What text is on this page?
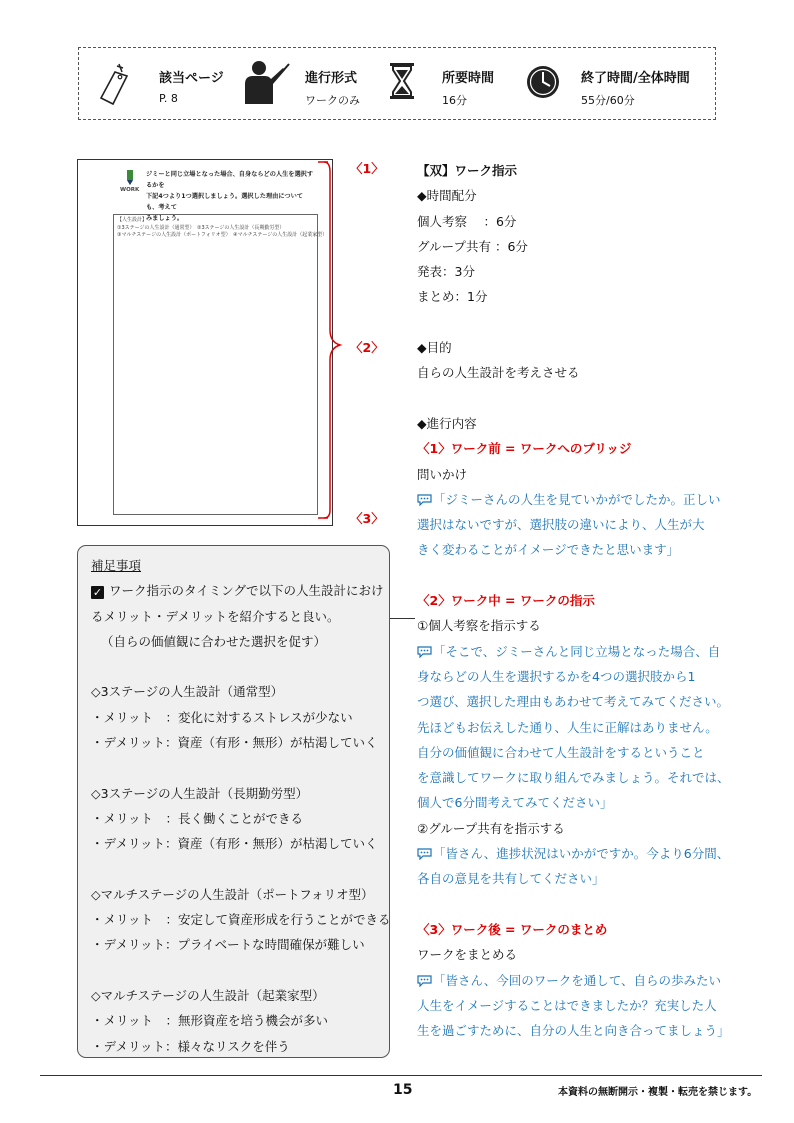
該当ページ
P. 8
進行形式
ワークのみ
所要時間
16分
終了時間/全体時間
55分/60分
WORK
ジミーと同じ立場となった場合、自身ならどの人生を選択するかを
下記4つより1つ選択しましょう。選択した理由についても、考えて
みましょう。
【人生設計】
①3ステージの人生設計（通常型）　②3ステージの人生設計（長期勤労型）
③マルチステージの人生設計（ポートフォリオ型）　④マルチステージの人生設計（起業家型）
〈1〉
〈2〉
〈3〉
【双】ワーク指示
◆時間配分
個人考察　 ：6分
グループ共有 ：6分
発表：3分
まとめ：1分
◆目的
自らの人生設計を考えさせる
◆進行内容
〈1〉ワーク前 = ワークへのブリッジ
問いかけ
「ジミーさんの人生を見ていかがでしたか。正しい
選択はないですが、選択肢の違いにより、人生が大
きく変わることがイメージできたと思います」
〈2〉ワーク中 = ワークの指示
①個人考察を指示する
「そこで、ジミーさんと同じ立場となった場合、自
身ならどの人生を選択するかを4つの選択肢から1
つ選び、選択した理由もあわせて考えてみてください。
先ほどもお伝えした通り、人生に正解はありません。
自分の価値観に合わせて人生設計をするということ
を意識してワークに取り組んでみましょう。それでは、
個人で6分間考えてみてください」
②グループ共有を指示する
「皆さん、進捗状況はいかがですか。今より6分間、
各自の意見を共有してください」
〈3〉ワーク後 = ワークのまとめ
ワークをまとめる
「皆さん、今回のワークを通して、自らの歩みたい
人生をイメージすることはできましたか？充実した人
生を過ごすために、自分の人生と向き合ってましょう」
補足事項
✓ ワーク指示のタイミングで以下の人生設計におけ
るメリット・デメリットを紹介すると良い。
（自らの価値観に合わせた選択を促す）
◇3ステージの人生設計（通常型）
・メリット　：変化に対するストレスが少ない
・デメリット：資産（有形・無形）が枯渇していく
◇3ステージの人生設計（長期勤労型）
・メリット　：長く働くことができる
・デメリット：資産（有形・無形）が枯渇していく
◇マルチステージの人生設計（ポートフォリオ型）
・メリット　：安定して資産形成を行うことができる
・デメリット：プライベートな時間確保が難しい
◇マルチステージの人生設計（起業家型）
・メリット　：無形資産を培う機会が多い
・デメリット：様々なリスクを伴う
15	本資料の無断開示・複製・転売を禁じます。
